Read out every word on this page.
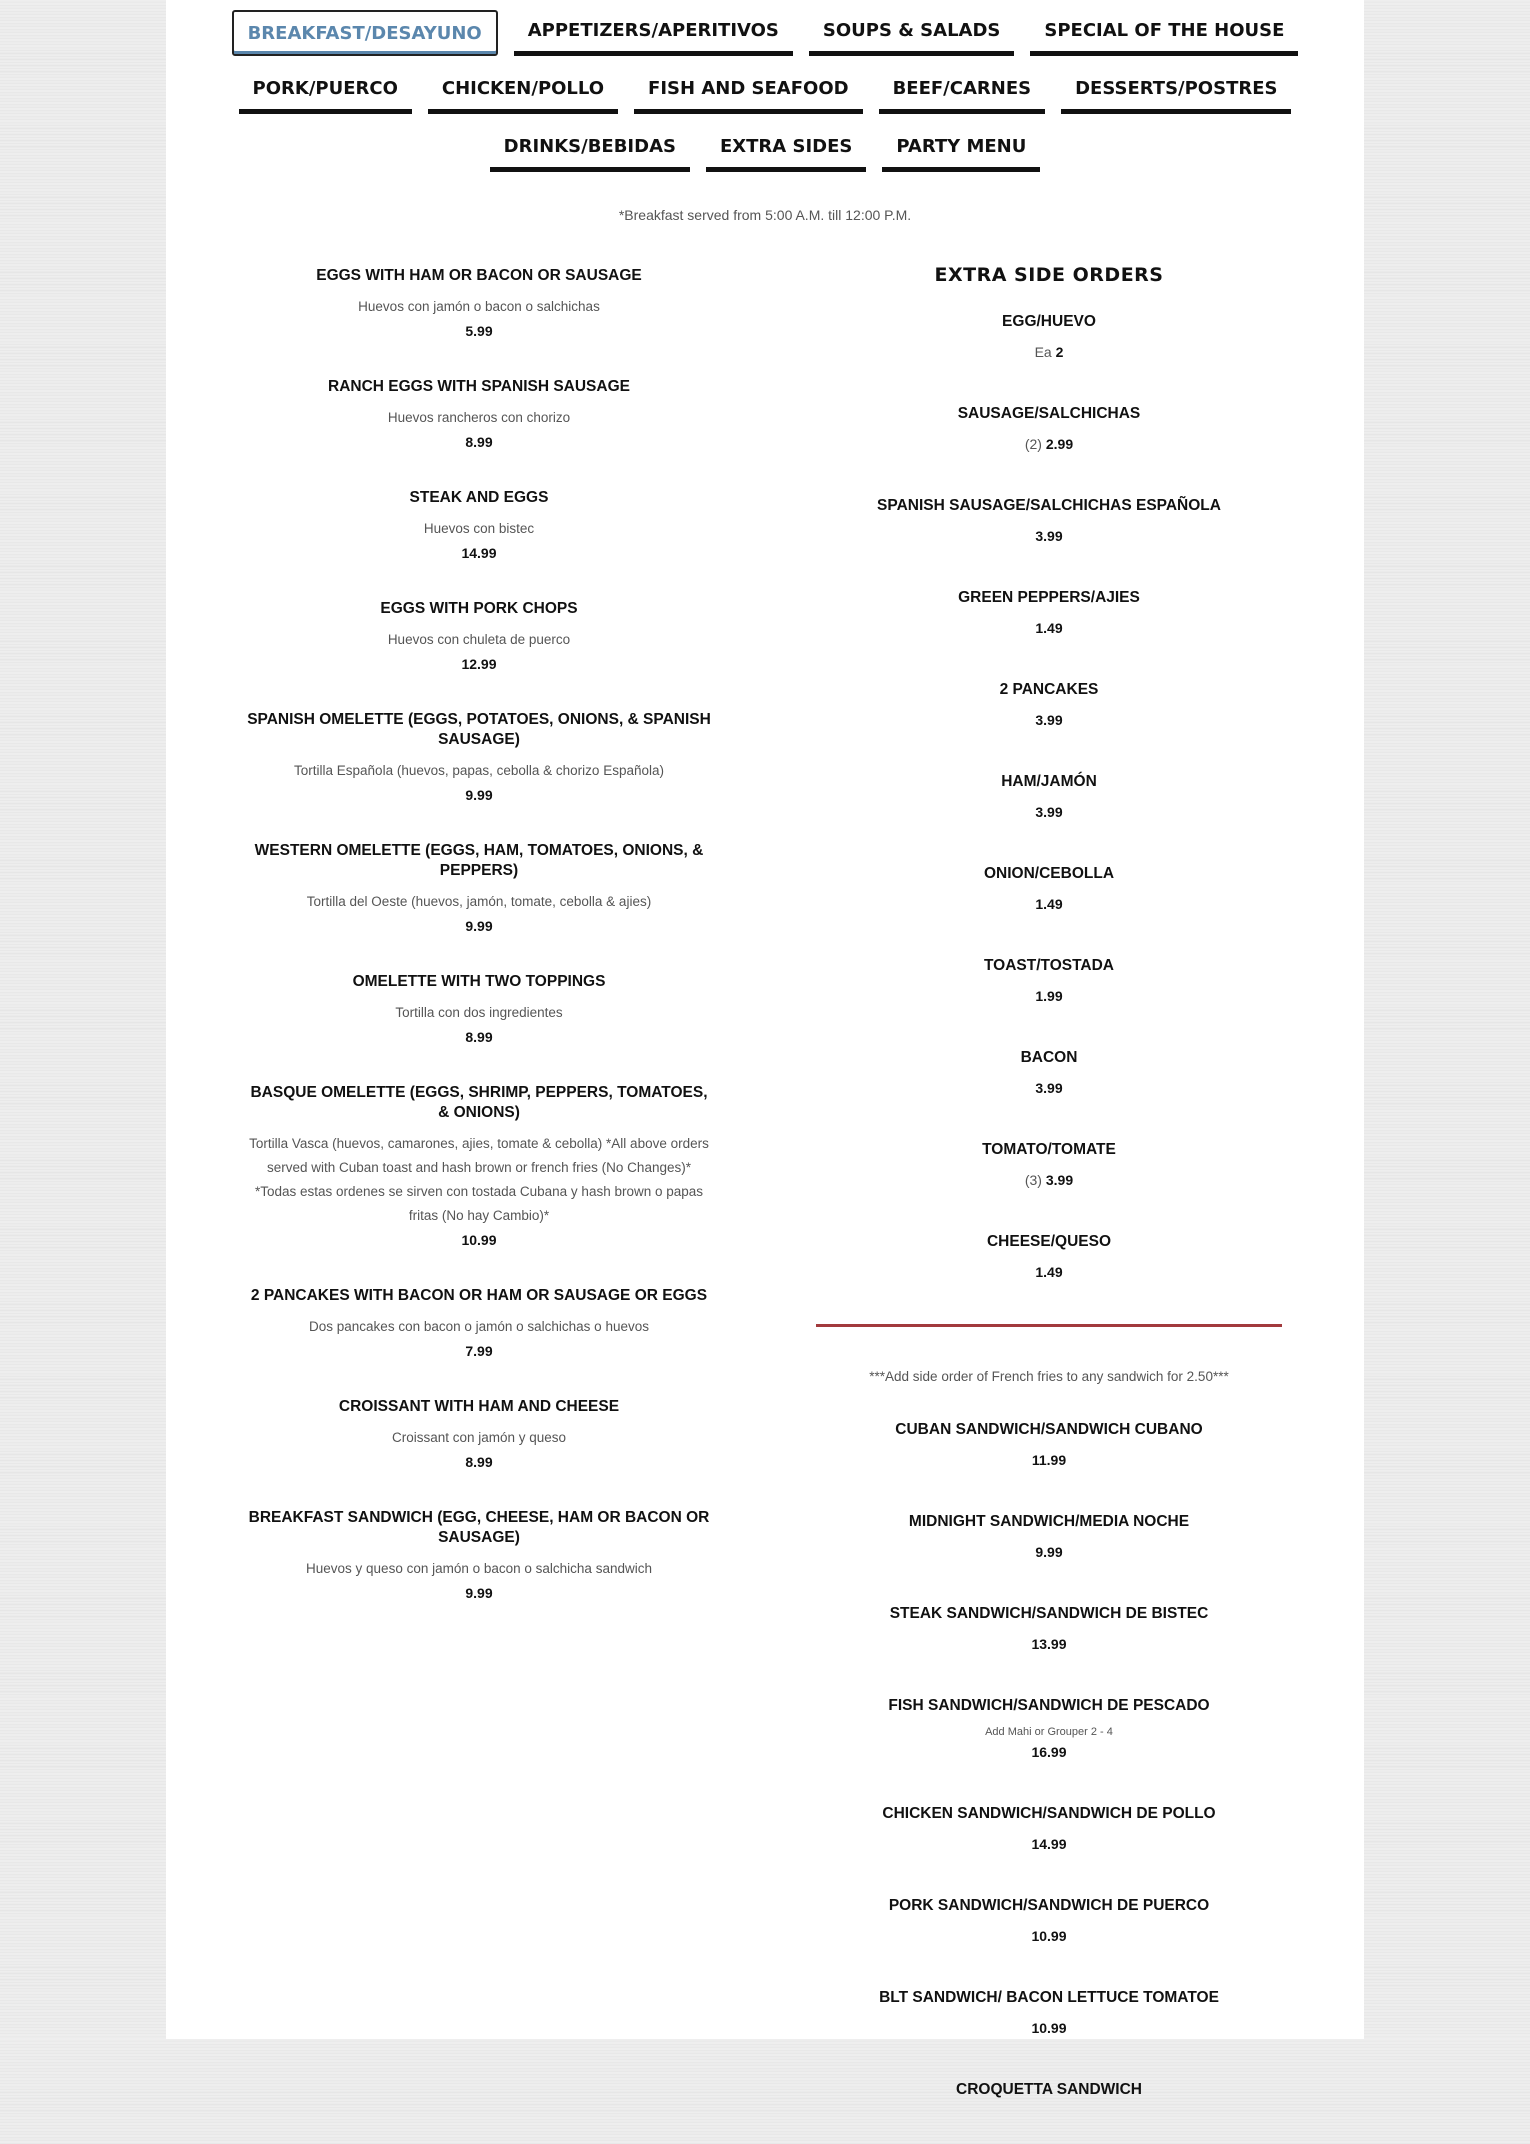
BREAKFAST/DESAYUNO	APPETIZERS/APERITIVOS	SOUPS & SALADS	SPECIAL OF THE HOUSE
PORK/PUERCO	CHICKEN/POLLO	FISH AND SEAFOOD	BEEF/CARNES	DESSERTS/POSTRES
DRINKS/BEBIDAS	EXTRA SIDES	PARTY MENU
*Breakfast served from 5:00 A.M. till 12:00 P.M.
EGGS WITH HAM OR BACON OR SAUSAGE
Huevos con jamón o bacon o salchichas
5.99
RANCH EGGS WITH SPANISH SAUSAGE
Huevos rancheros con chorizo
8.99
STEAK AND EGGS
Huevos con bistec
14.99
EGGS WITH PORK CHOPS
Huevos con chuleta de puerco
12.99
SPANISH OMELETTE (EGGS, POTATOES, ONIONS, & SPANISH SAUSAGE)
Tortilla Española (huevos, papas, cebolla & chorizo Española)
9.99
WESTERN OMELETTE (EGGS, HAM, TOMATOES, ONIONS, & PEPPERS)
Tortilla del Oeste (huevos, jamón, tomate, cebolla & ajies)
9.99
OMELETTE WITH TWO TOPPINGS
Tortilla con dos ingredientes
8.99
BASQUE OMELETTE (EGGS, SHRIMP, PEPPERS, TOMATOES, & ONIONS)
Tortilla Vasca (huevos, camarones, ajies, tomate & cebolla) *All above orders served with Cuban toast and hash brown or french fries (No Changes)* *Todas estas ordenes se sirven con tostada Cubana y hash brown o papas fritas (No hay Cambio)*
10.99
2 PANCAKES WITH BACON OR HAM OR SAUSAGE OR EGGS
Dos pancakes con bacon o jamón o salchichas o huevos
7.99
CROISSANT WITH HAM AND CHEESE
Croissant con jamón y queso
8.99
BREAKFAST SANDWICH (EGG, CHEESE, HAM OR BACON OR SAUSAGE)
Huevos y queso con jamón o bacon o salchicha sandwich
9.99
EXTRA SIDE ORDERS
EGG/HUEVO
Ea 2
SAUSAGE/SALCHICHAS
(2) 2.99
SPANISH SAUSAGE/SALCHICHAS ESPAÑOLA
3.99
GREEN PEPPERS/AJIES
1.49
2 PANCAKES
3.99
HAM/JAMÓN
3.99
ONION/CEBOLLA
1.49
TOAST/TOSTADA
1.99
BACON
3.99
TOMATO/TOMATE
(3) 3.99
CHEESE/QUESO
1.49
***Add side order of French fries to any sandwich for 2.50***
CUBAN SANDWICH/SANDWICH CUBANO
11.99
MIDNIGHT SANDWICH/MEDIA NOCHE
9.99
STEAK SANDWICH/SANDWICH DE BISTEC
13.99
FISH SANDWICH/SANDWICH DE PESCADO
Add Mahi or Grouper 2 - 4
16.99
CHICKEN SANDWICH/SANDWICH DE POLLO
14.99
PORK SANDWICH/SANDWICH DE PUERCO
10.99
BLT SANDWICH/ BACON LETTUCE TOMATOE
10.99
CROQUETTA SANDWICH
